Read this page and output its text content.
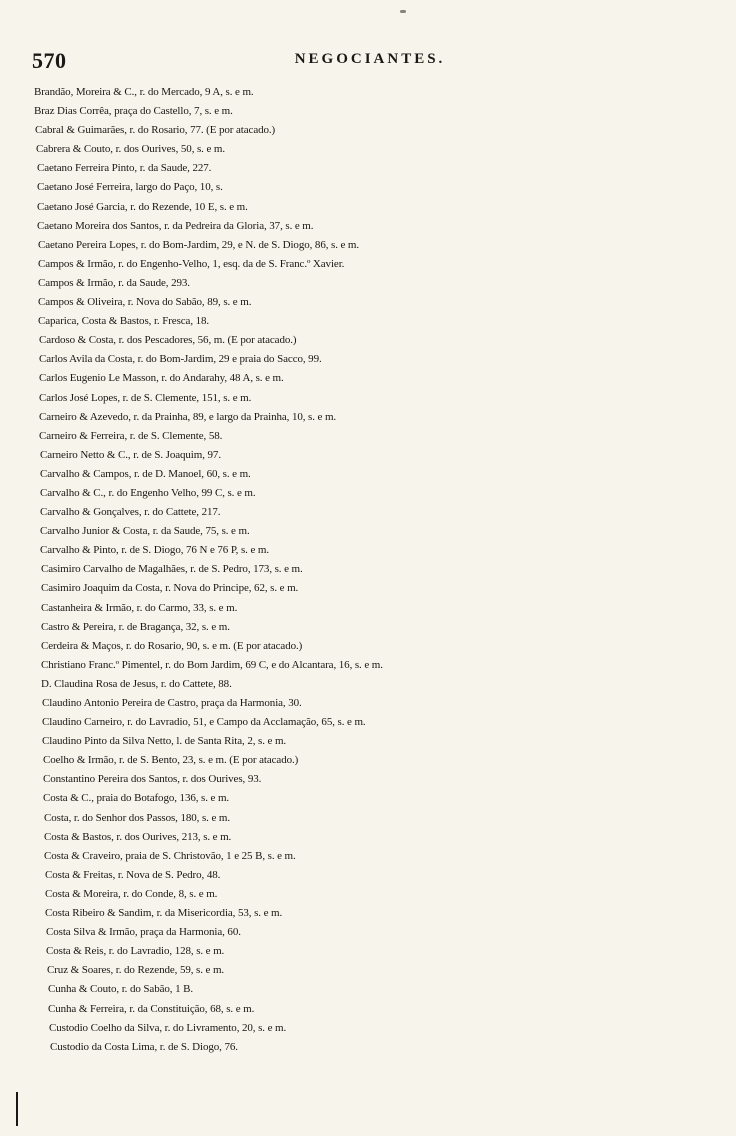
570	NEGOCIANTES.
Brandão, Moreira & C., r. do Mercado, 9 A, s. e m.
Braz Dias Corrêa, praça do Castello, 7, s. e m.
Cabral & Guimarães, r. do Rosario, 77. (E por atacado.)
Cabrera & Couto, r. dos Ourives, 50, s. e m.
Caetano Ferreira Pinto, r. da Saude, 227.
Caetano José Ferreira, largo do Paço, 10, s.
Caetano José Garcia, r. do Rezende, 10 E, s. e m.
Caetano Moreira dos Santos, r. da Pedreira da Gloria, 37, s. e m.
Caetano Pereira Lopes, r. do Bom-Jardim, 29, e N. de S. Diogo, 86, s. e m.
Campos & Irmão, r. do Engenho-Velho, 1, esq. da de S. Franc.º Xavier.
Campos & Irmão, r. da Saude, 293.
Campos & Oliveira, r. Nova do Sabão, 89, s. e m.
Caparica, Costa & Bastos, r. Fresca, 18.
Cardoso & Costa, r. dos Pescadores, 56, m. (E por atacado.)
Carlos Avila da Costa, r. do Bom-Jardim, 29 e praia do Sacco, 99.
Carlos Eugenio Le Masson, r. do Andarahy, 48 A, s. e m.
Carlos José Lopes, r. de S. Clemente, 151, s. e m.
Carneiro & Azevedo, r. da Prainha, 89, e largo da Prainha, 10, s. e m.
Carneiro & Ferreira, r. de S. Clemente, 58.
Carneiro Netto & C., r. de S. Joaquim, 97.
Carvalho & Campos, r. de D. Manoel, 60, s. e m.
Carvalho & C., r. do Engenho Velho, 99 C, s. e m.
Carvalho & Gonçalves, r. do Cattete, 217.
Carvalho Junior & Costa, r. da Saude, 75, s. e m.
Carvalho & Pinto, r. de S. Diogo, 76 N e 76 P, s. e m.
Casimiro Carvalho de Magalhães, r. de S. Pedro, 173, s. e m.
Casimiro Joaquim da Costa, r. Nova do Principe, 62, s. e m.
Castanheira & Irmão, r. do Carmo, 33, s. e m.
Castro & Pereira, r. de Bragança, 32, s. e m.
Cerdeira & Maços, r. do Rosario, 90, s. e m. (E por atacado.)
Christiano Franc.º Pimentel, r. do Bom Jardim, 69 C, e do Alcantara, 16, s. e m.
D. Claudina Rosa de Jesus, r. do Cattete, 88.
Claudino Antonio Pereira de Castro, praça da Harmonia, 30.
Claudino Carneiro, r. do Lavradio, 51, e Campo da Acclamação, 65, s. e m.
Claudino Pinto da Silva Netto, l. de Santa Rita, 2, s. e m.
Coelho & Irmão, r. de S. Bento, 23, s. e m. (E por atacado.)
Constantino Pereira dos Santos, r. dos Ourives, 93.
Costa & C., praia do Botafogo, 136, s. e m.
Costa, r. do Senhor dos Passos, 180, s. e m.
Costa & Bastos, r. dos Ourives, 213, s. e m.
Costa & Craveiro, praia de S. Christovão, 1 e 25 B, s. e m.
Costa & Freitas, r. Nova de S. Pedro, 48.
Costa & Moreira, r. do Conde, 8, s. e m.
Costa Ribeiro & Sandim, r. da Misericordia, 53, s. e m.
Costa Silva & Irmão, praça da Harmonia, 60.
Costa & Reis, r. do Lavradio, 128, s. e m.
Cruz & Soares, r. do Rezende, 59, s. e m.
Cunha & Couto, r. do Sabão, 1 B.
Cunha & Ferreira, r. da Constituição, 68, s. e m.
Custodio Coelho da Silva, r. do Livramento, 20, s. e m.
Custodio da Costa Lima, r. de S. Diogo, 76.
